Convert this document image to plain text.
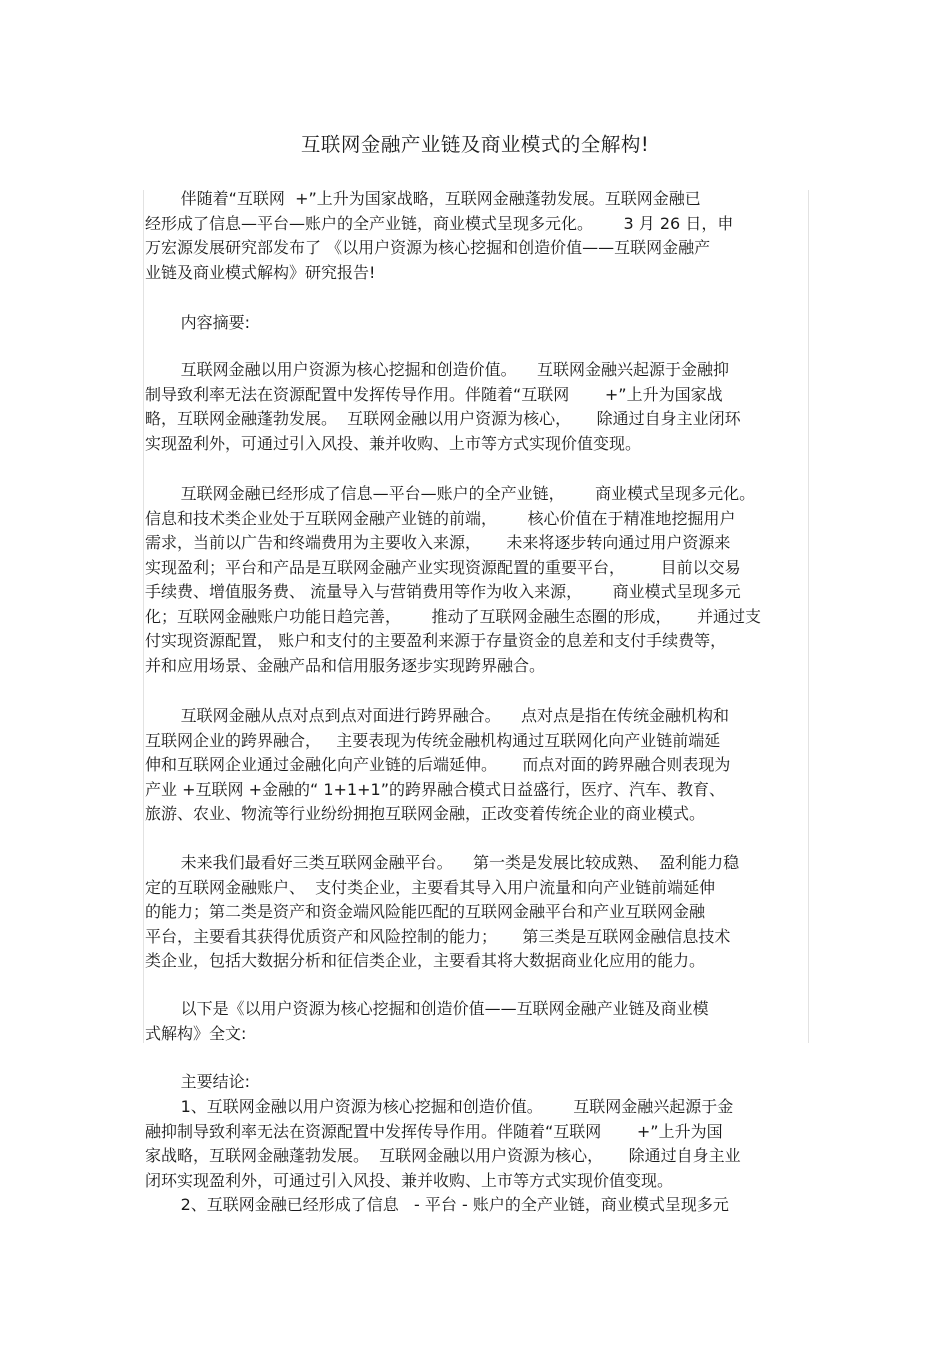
互联网金融产业链及商业模式的全解构!
伴随着“互联网  +”上升为国家战略，互联网金融蓬勃发展。互联网金融已
经形成了信息—平台—账户的全产业链，商业模式呈现多元化。      3 月 26 日，申
万宏源发展研究部发布了 《以用户资源为核心挖掘和创造价值——互联网金融产
业链及商业模式解构》研究报告!
内容摘要:
互联网金融以用户资源为核心挖掘和创造价值。    互联网金融兴起源于金融抑
制导致利率无法在资源配置中发挥传导作用。伴随着“互联网       +”上升为国家战
略，互联网金融蓬勃发展。  互联网金融以用户资源为核心，     除通过自身主业闭环
实现盈利外，可通过引入风投、兼并收购、上市等方式实现价值变现。
互联网金融已经形成了信息—平台—账户的全产业链，      商业模式呈现多元化。
信息和技术类企业处于互联网金融产业链的前端，      核心价值在于精准地挖掘用户
需求，当前以广告和终端费用为主要收入来源，     未来将逐步转向通过用户资源来
实现盈利；平台和产品是互联网金融产业实现资源配置的重要平台，       目前以交易
手续费、增值服务费、 流量导入与营销费用等作为收入来源，      商业模式呈现多元
化；互联网金融账户功能日趋完善，      推动了互联网金融生态圈的形成，     并通过支
付实现资源配置， 账户和支付的主要盈利来源于存量资金的息差和支付手续费等，
并和应用场景、金融产品和信用服务逐步实现跨界融合。
互联网金融从点对点到点对面进行跨界融合。    点对点是指在传统金融机构和
互联网企业的跨界融合，   主要表现为传统金融机构通过互联网化向产业链前端延
伸和互联网企业通过金融化向产业链的后端延伸。     而点对面的跨界融合则表现为
产业 +互联网 +金融的“ 1+1+1”的跨界融合模式日益盛行，医疗、汽车、教育、
旅游、农业、物流等行业纷纷拥抱互联网金融，正改变着传统企业的商业模式。
未来我们最看好三类互联网金融平台。    第一类是发展比较成熟、  盈利能力稳
定的互联网金融账户、  支付类企业，主要看其导入用户流量和向产业链前端延伸
的能力；第二类是资产和资金端风险能匹配的互联网金融平台和产业互联网金融
平台，主要看其获得优质资产和风险控制的能力；     第三类是互联网金融信息技术
类企业，包括大数据分析和征信类企业，主要看其将大数据商业化应用的能力。
以下是《以用户资源为核心挖掘和创造价值——互联网金融产业链及商业模
式解构》全文:
主要结论:
1、互联网金融以用户资源为核心挖掘和创造价值。      互联网金融兴起源于金
融抑制导致利率无法在资源配置中发挥传导作用。伴随着“互联网       +”上升为国
家战略，互联网金融蓬勃发展。  互联网金融以用户资源为核心，     除通过自身主业
闭环实现盈利外，可通过引入风投、兼并收购、上市等方式实现价值变现。
2、互联网金融已经形成了信息   - 平台 - 账户的全产业链，商业模式呈现多元
